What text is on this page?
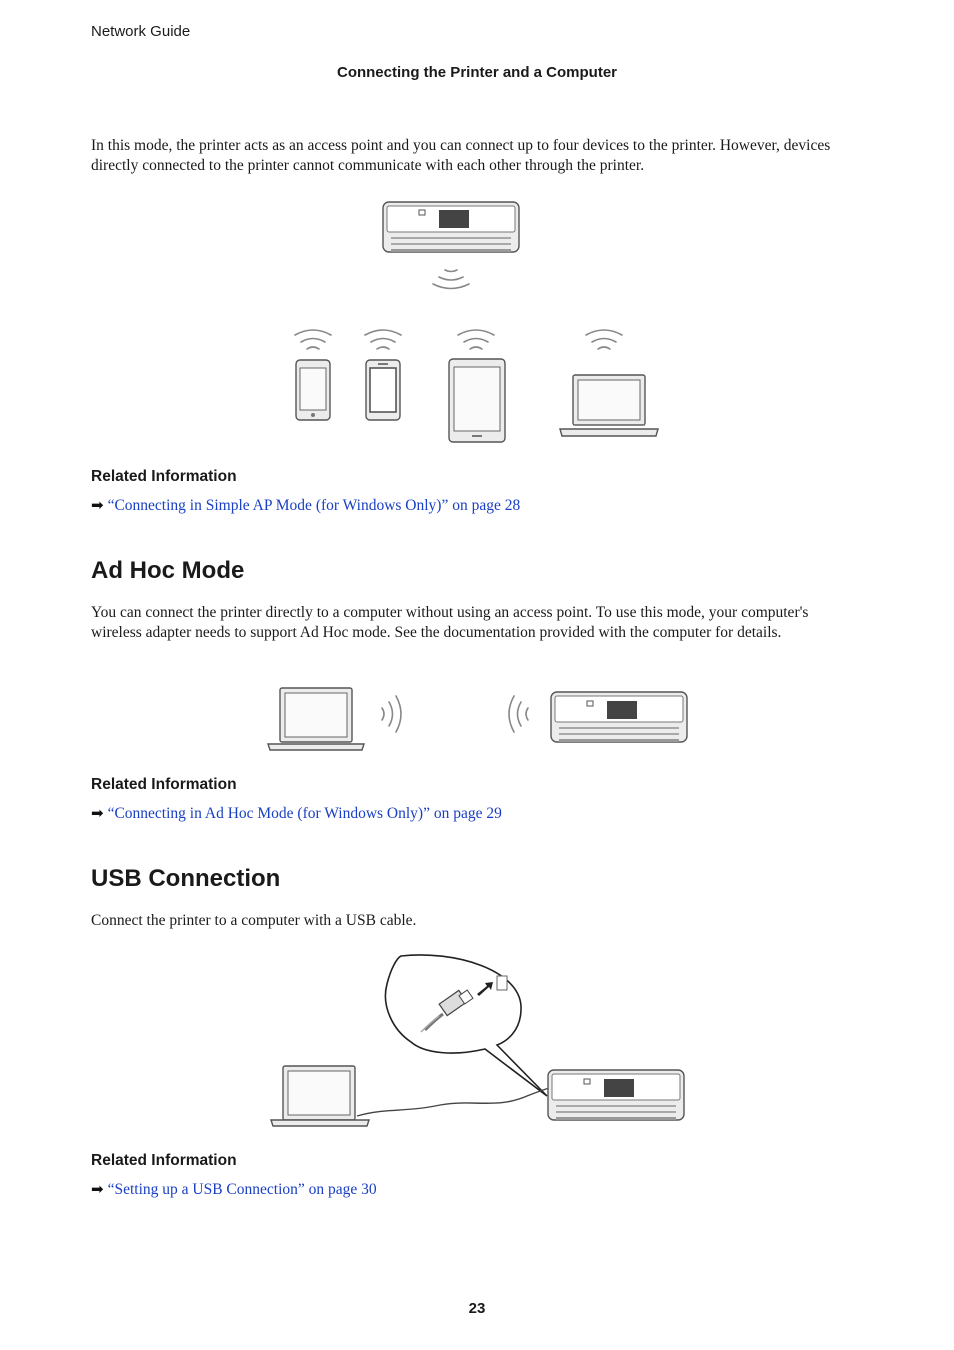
Network Guide
Connecting the Printer and a Computer
In this mode, the printer acts as an access point and you can connect up to four devices to the printer. However, devices directly connected to the printer cannot communicate with each other through the printer.
Related Information
➡ “Connecting in Simple AP Mode (for Windows Only)” on page 28
Ad Hoc Mode
You can connect the printer directly to a computer without using an access point. To use this mode, your computer's wireless adapter needs to support Ad Hoc mode. See the documentation provided with the computer for details.
Related Information
➡ “Connecting in Ad Hoc Mode (for Windows Only)” on page 29
USB Connection
Connect the printer to a computer with a USB cable.
Related Information
➡ “Setting up a USB Connection” on page 30
23
